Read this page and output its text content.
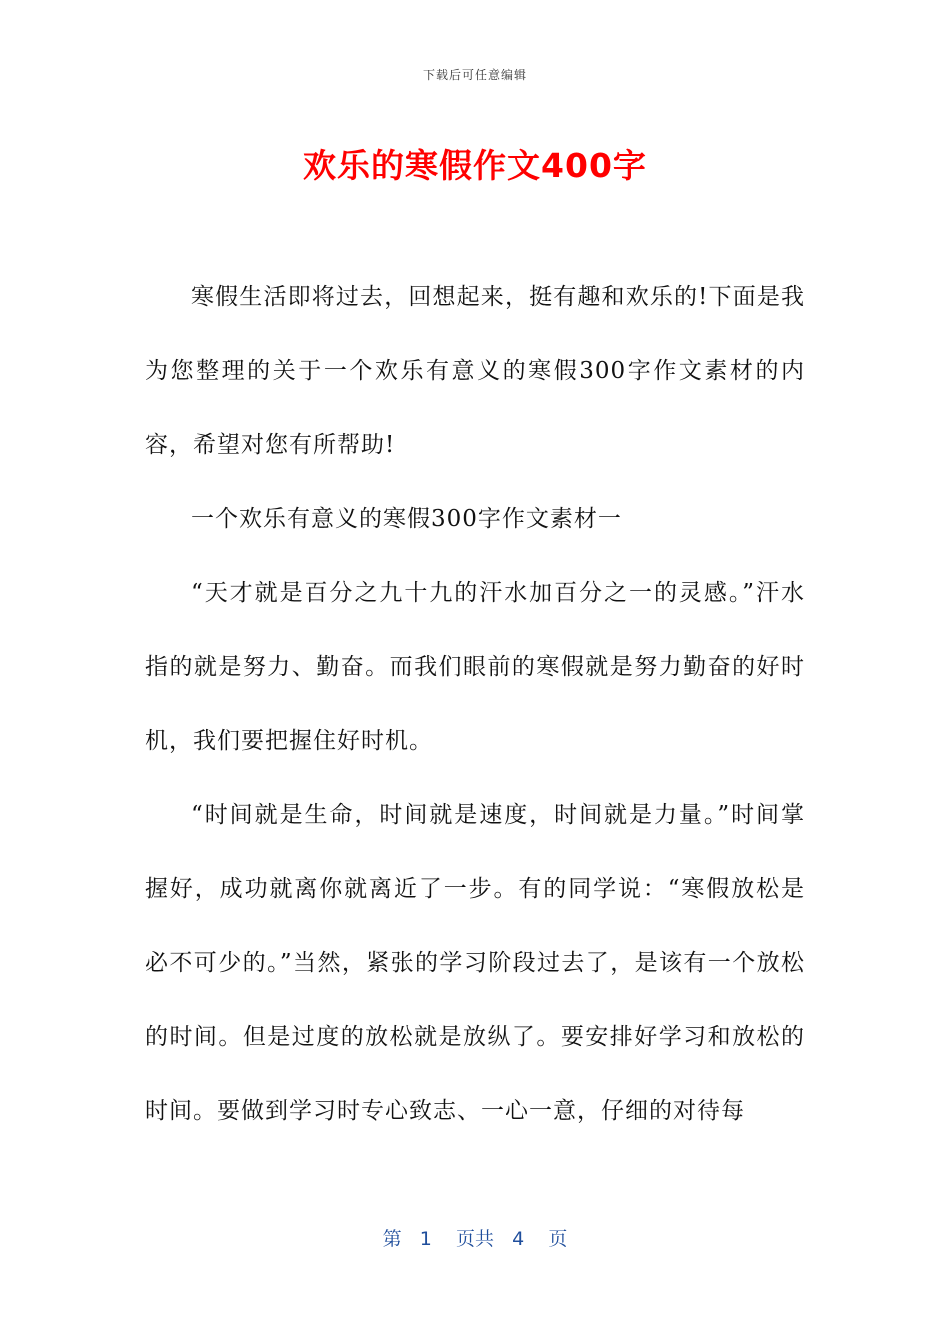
下载后可任意编辑
欢乐的寒假作文400字

寒假生活即将过去，回想起来，挺有趣和欢乐的!下面是我为您整理的关于一个欢乐有意义的寒假300字作文素材的内容，希望对您有所帮助!

一个欢乐有意义的寒假300字作文素材一

“天才就是百分之九十九的汗水加百分之一的灵感。”汗水指的就是努力、勤奋。而我们眼前的寒假就是努力勤奋的好时机，我们要把握住好时机。

“时间就是生命，时间就是速度，时间就是力量。”时间掌握好，成功就离你就离近了一步。有的同学说：“寒假放松是必不可少的。”当然，紧张的学习阶段过去了，是该有一个放松的时间。但是过度的放松就是放纵了。要安排好学习和放松的时间。要做到学习时专心致志、一心一意，仔细的对待每

第 1 页共 4 页
